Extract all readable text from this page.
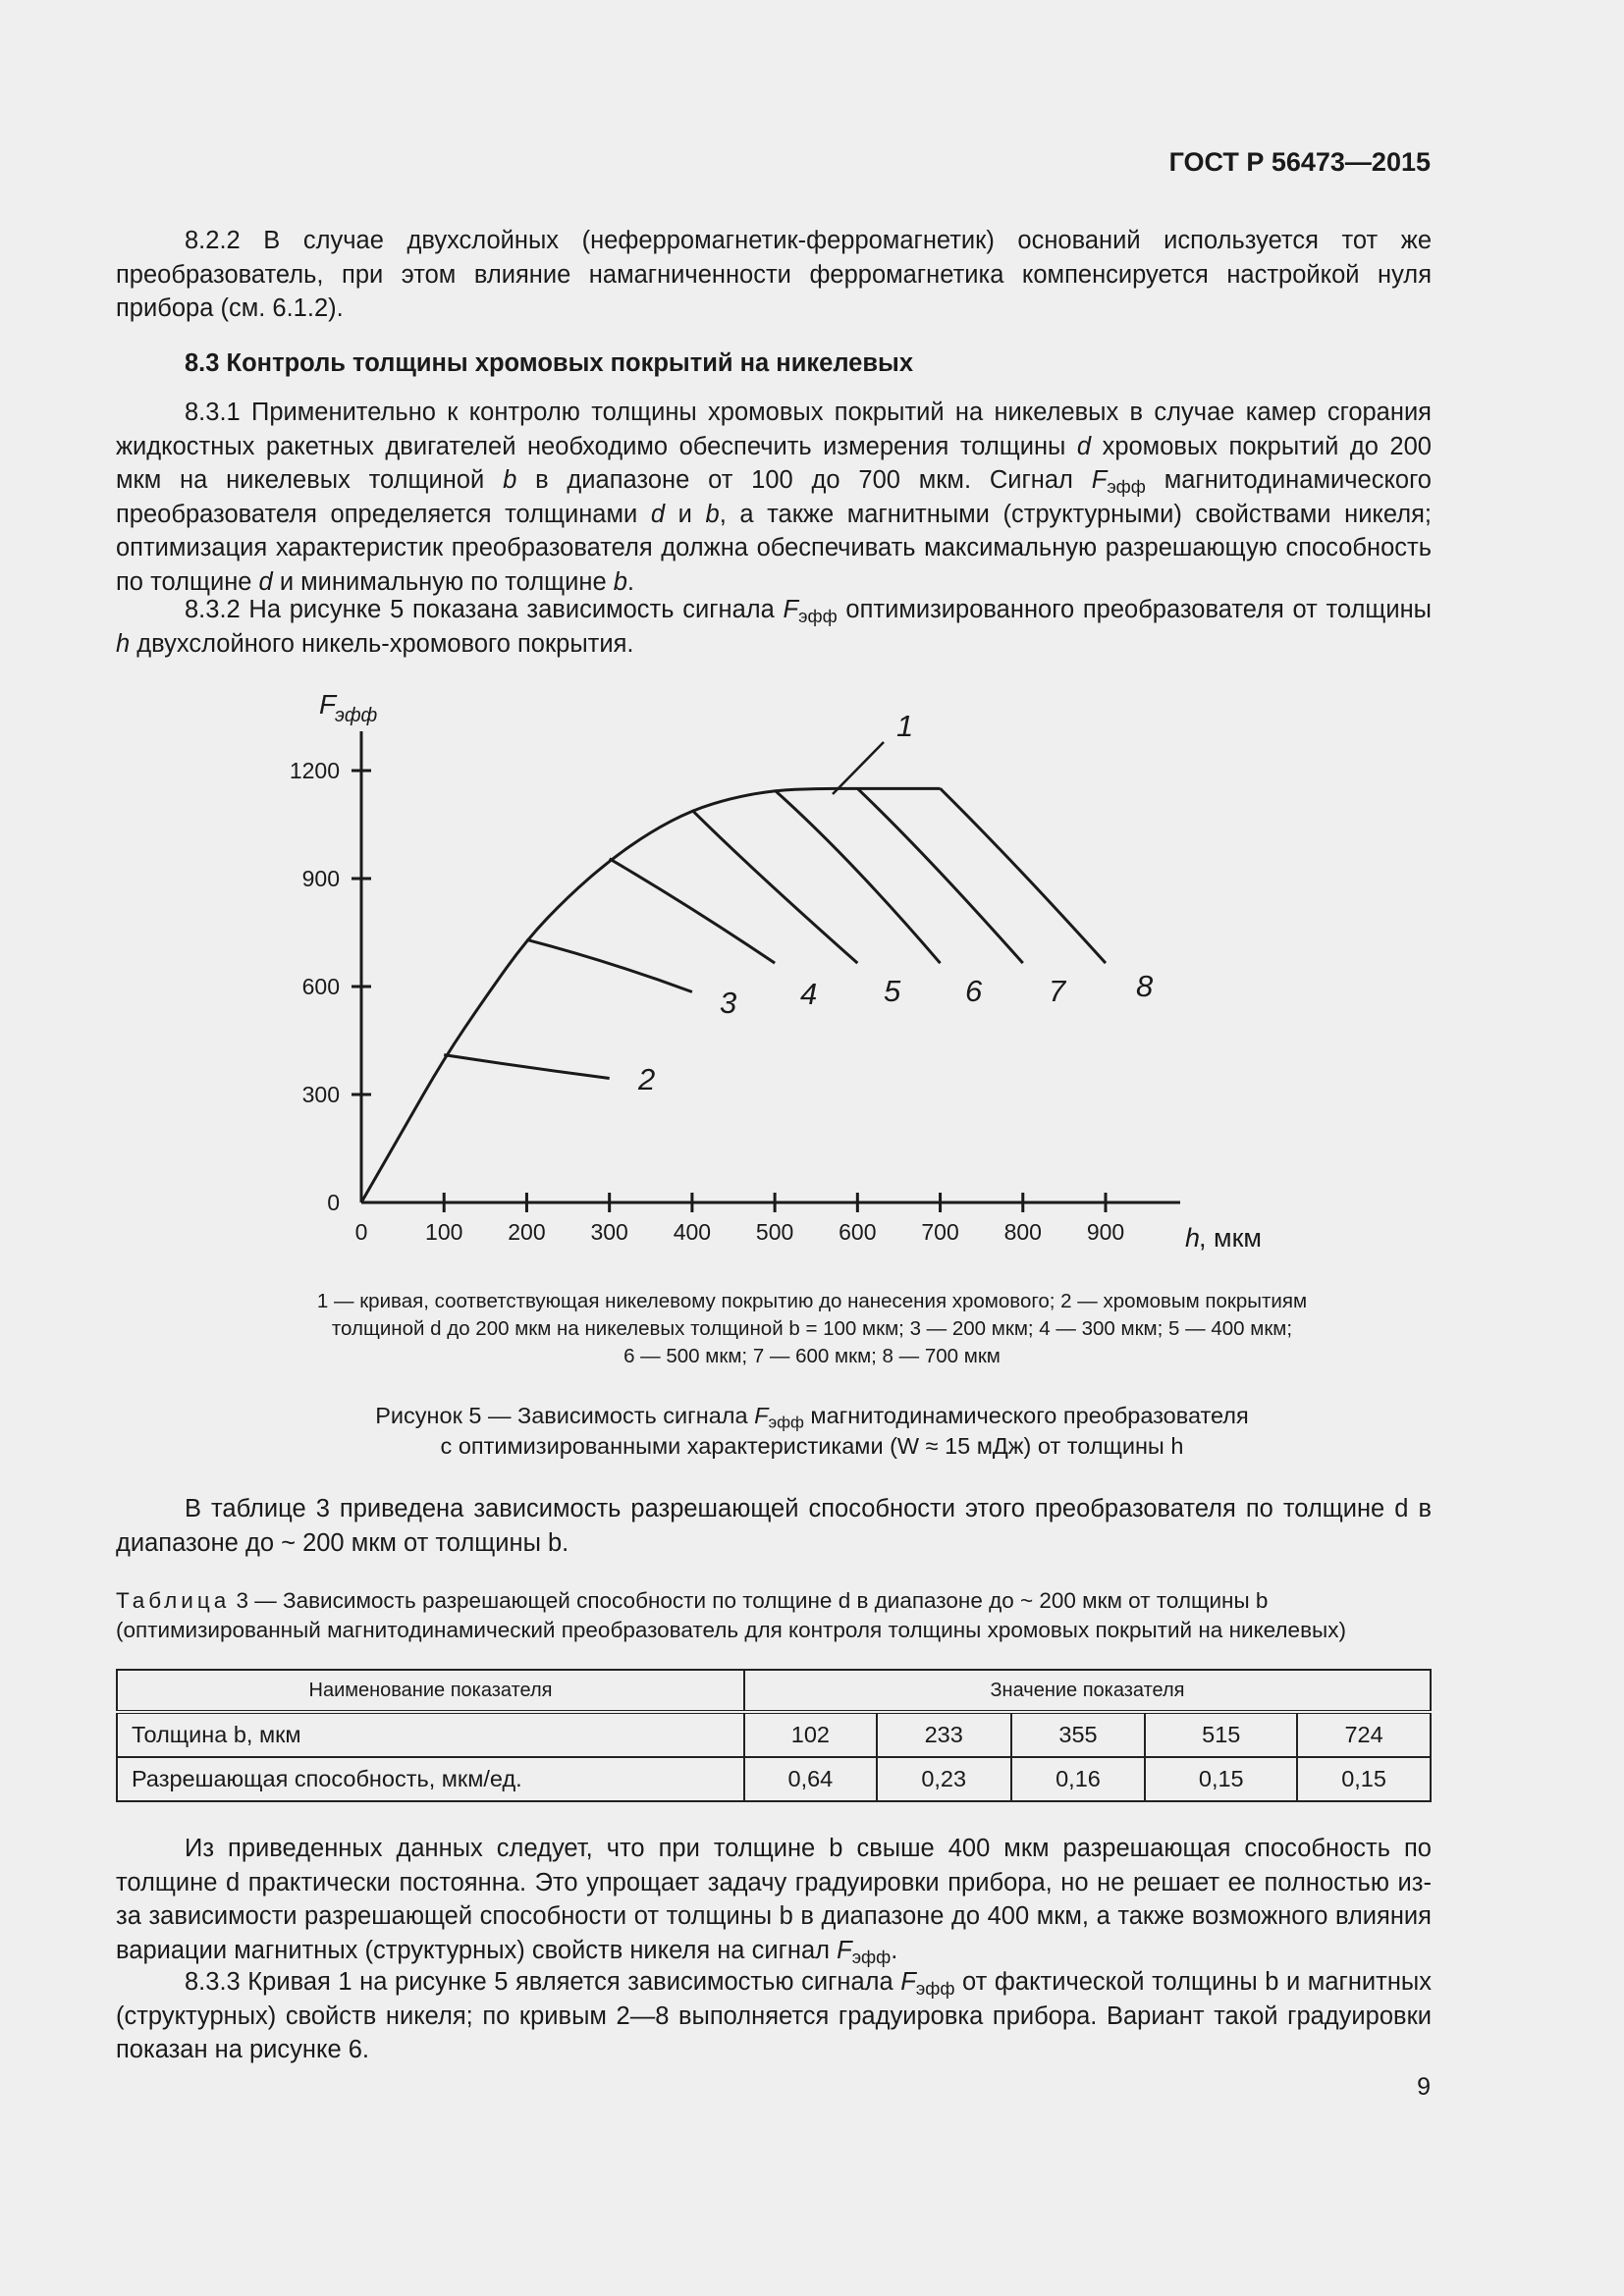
ГОСТ Р 56473—2015
8.2.2 В случае двухслойных (неферромагнетик-ферромагнетик) оснований используется тот же преобразователь, при этом влияние намагниченности ферромагнетика компенсируется настройкой нуля прибора (см. 6.1.2).
8.3 Контроль толщины хромовых покрытий на никелевых
8.3.1 Применительно к контролю толщины хромовых покрытий на никелевых в случае камер сгорания жидкостных ракетных двигателей необходимо обеспечить измерения толщины d хромовых покрытий до 200 мкм на никелевых толщиной b в диапазоне от 100 до 700 мкм. Сигнал $F_{эфф}$ магнитодинамического преобразователя определяется толщинами d и b, а также магнитными (структурными) свойствами никеля; оптимизация характеристик преобразователя должна обеспечивать максимальную разрешающую способность по толщине d и минимальную по толщине b.
8.3.2 На рисунке 5 показана зависимость сигнала $F_{эфф}$ оптимизированного преобразователя от толщины h двухслойного никель-хромового покрытия.
0	100 200 300 400 500 600 700 800 900
0
300
600
900
1200
F
эфф
h
, мкм
2
3 4 5 6 7 8
1
1 — кривая, соответствующая никелевому покрытию до нанесения хромового; 2 — хромовым покрытиям
толщиной d до 200 мкм на никелевых толщиной b = 100 мкм; 3 — 200 мкм; 4 — 300 мкм; 5 — 400 мкм;
6 — 500 мкм; 7 — 600 мкм; 8 — 700 мкм
Рисунок 5 — Зависимость сигнала $F_{эфф}$ магнитодинамического преобразователя
с оптимизированными характеристиками (W ≈ 15 мДж) от толщины h
В таблице 3 приведена зависимость разрешающей способности этого преобразователя по толщине d в диапазоне до ~ 200 мкм от толщины b.
Таблица 3 — Зависимость разрешающей способности по толщине d в диапазоне до ~ 200 мкм от толщины b (оптимизированный магнитодинамический преобразователь для контроля толщины хромовых покрытий на никелевых)
Наименование показателя	Значение показателя				
Толщина b, мкм	102	233	355	515	724
Разрешающая способность, мкм/ед.	0,64	0,23	0,16	0,15	0,15
Из приведенных данных следует, что при толщине b свыше 400 мкм разрешающая способность по толщине d практически постоянна. Это упрощает задачу градуировки прибора, но не решает ее полностью из-за зависимости разрешающей способности от толщины b в диапазоне до 400 мкм, а также возможного влияния вариации магнитных (структурных) свойств никеля на сигнал $F_{эфф}$.
8.3.3 Кривая 1 на рисунке 5 является зависимостью сигнала $F_{эфф}$ от фактической толщины b и магнитных (структурных) свойств никеля; по кривым 2—8 выполняется градуировка прибора. Вариант такой градуировки показан на рисунке 6.
9
